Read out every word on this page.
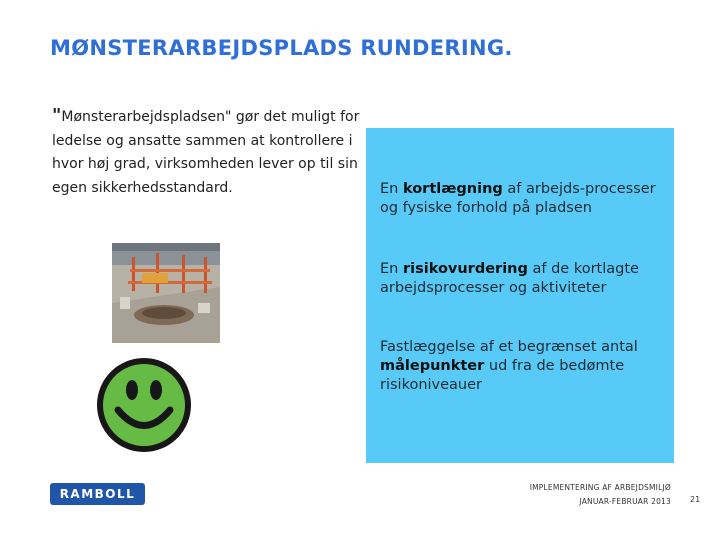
MØNSTERARBEJDSPLADS RUNDERING.
"Mønsterarbejdspladsen" gør det muligt for ledelse og ansatte sammen at kontrollere i hvor høj grad, virksomheden lever op til sin egen sikkerhedsstandard.	En kortlægning af arbejds-processer og fysiske forhold på pladsen

En risikovurdering af de kortlagte arbejdsprocesser og aktiviteter

Fastlæggelse af et begrænset antal målepunkter ud fra de bedømte risikoniveauer

RAMBOLL	IMPLEMENTERING AF ARBEJDSMILJØ
JANUAR-FEBRUAR 2013 21
